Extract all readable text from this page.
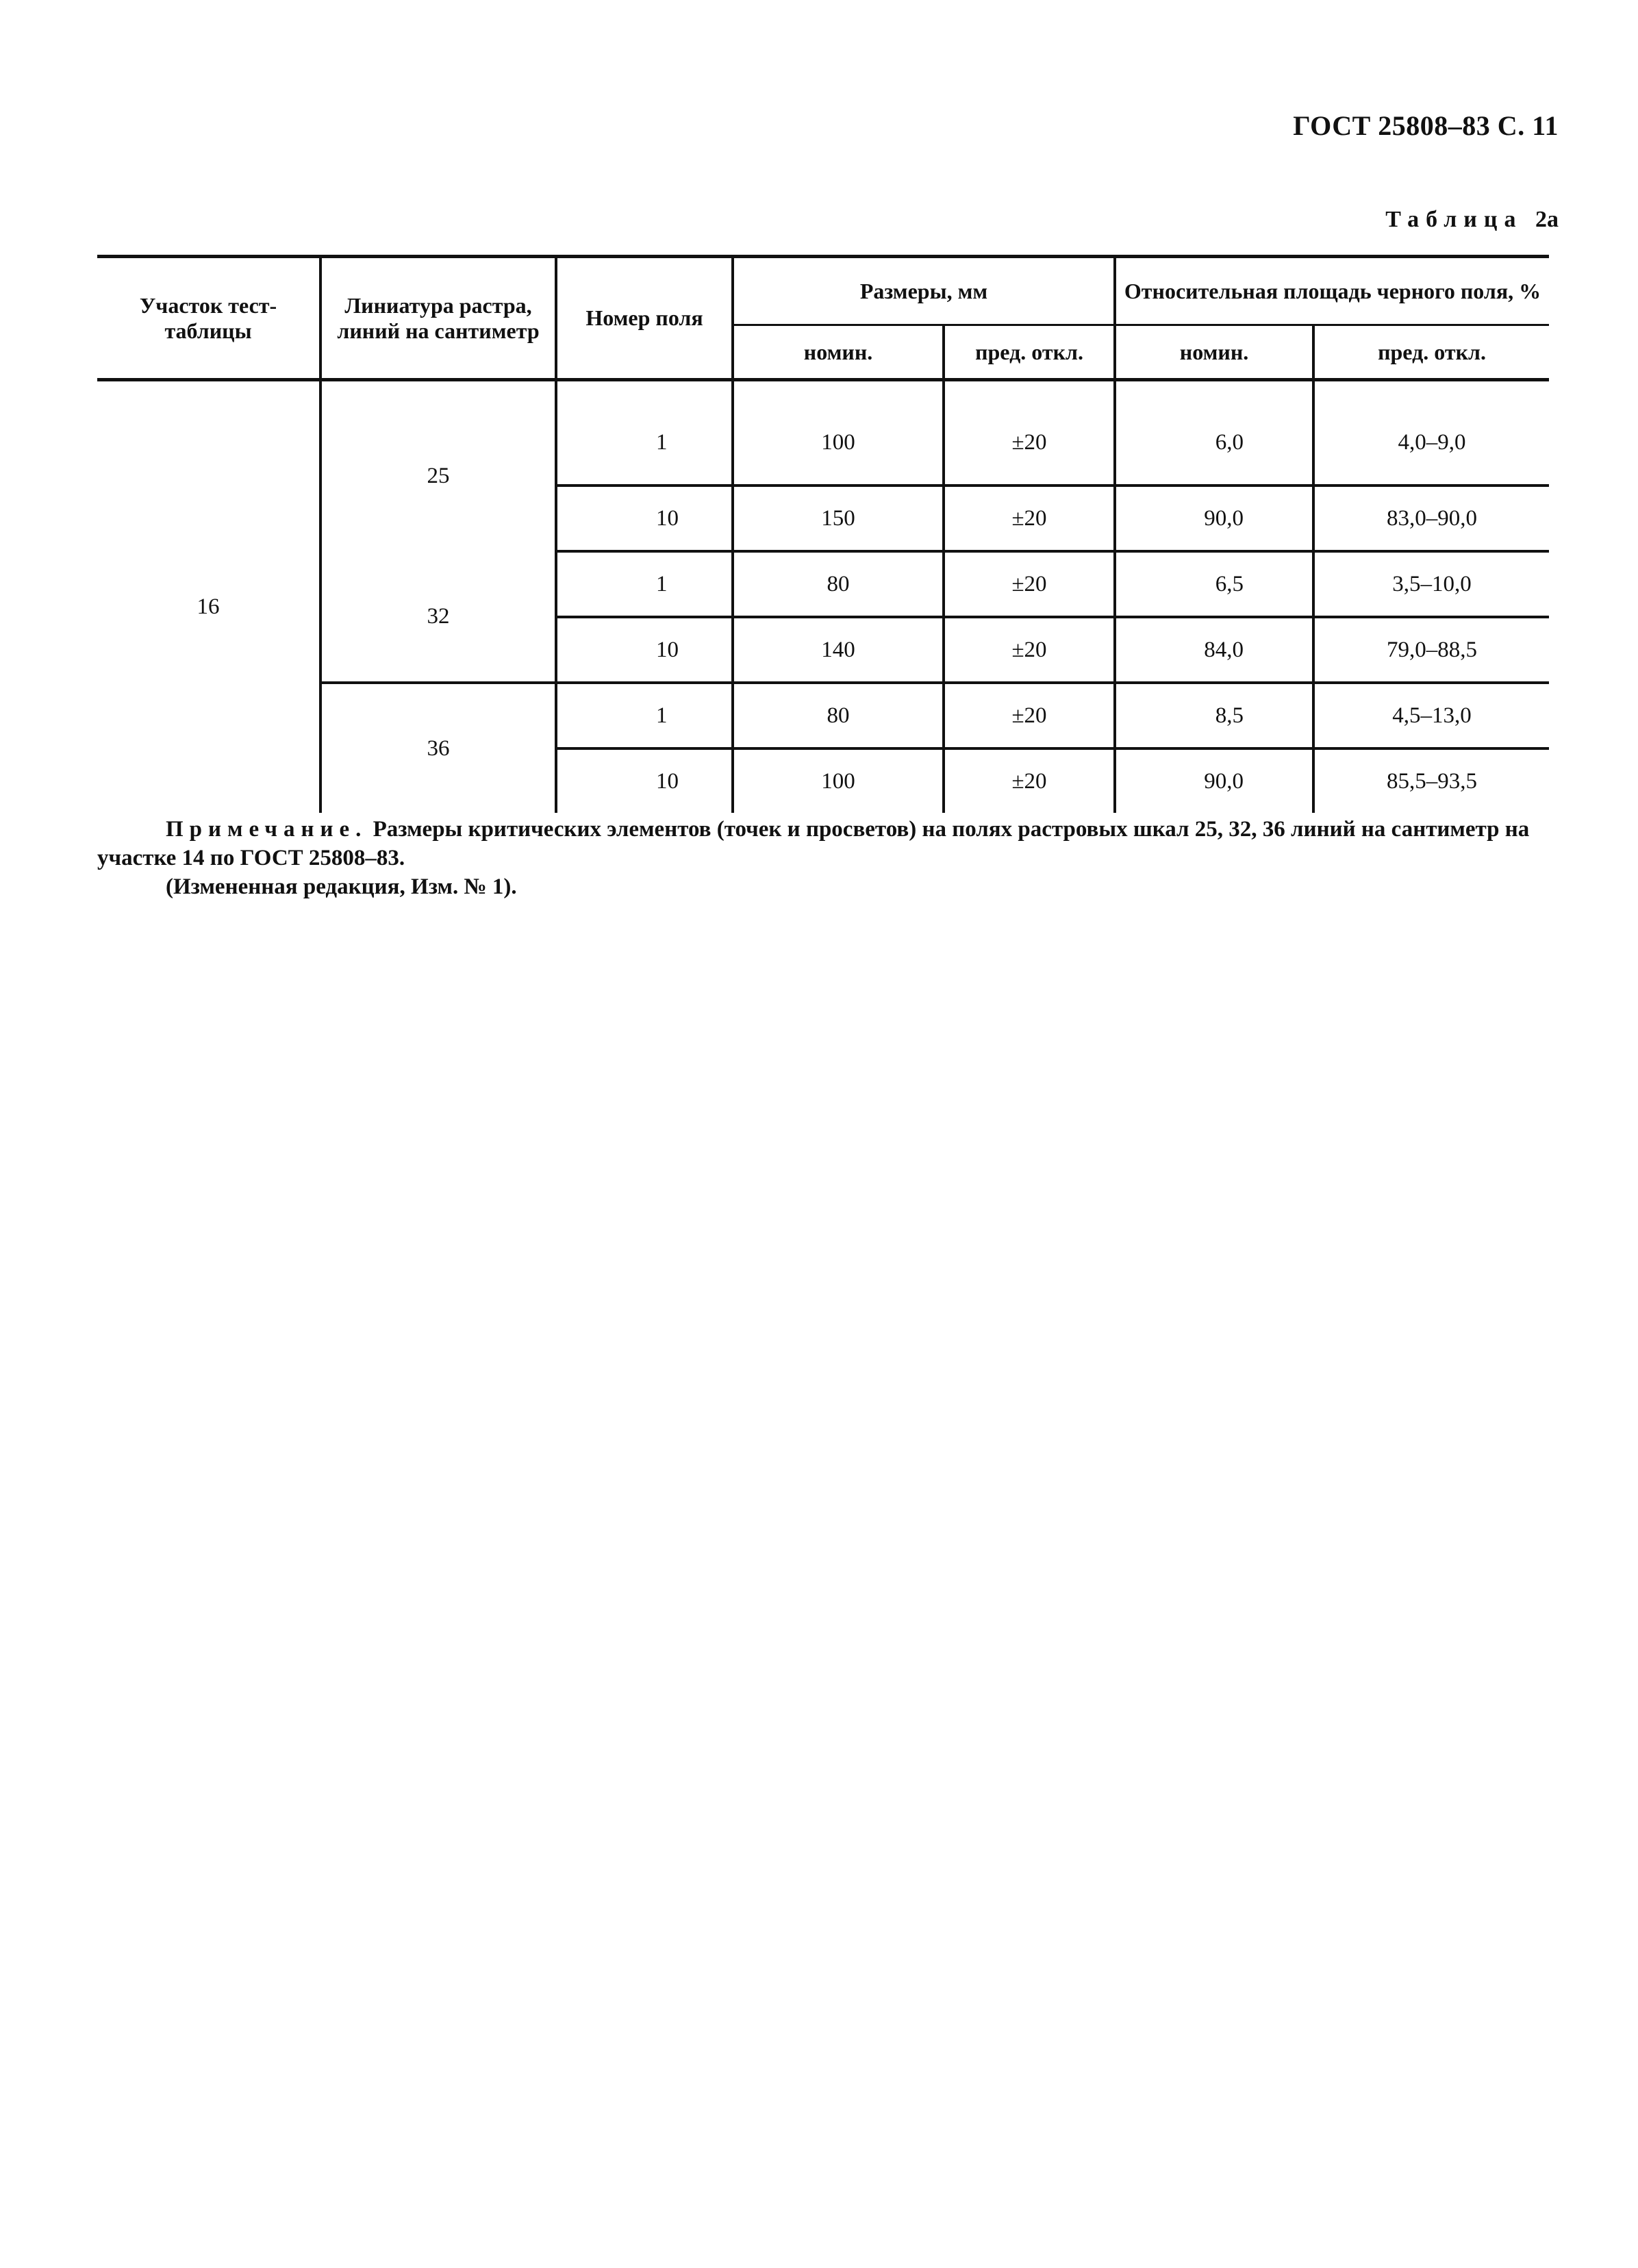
ГОСТ 25808–83 С. 11
Таблица 2а
Участок тест-таблицы	Линиатура растра, линий на сантиметр	Номер поля	Размеры, мм		Относительная площадь черного поля, %	
			номин.	пред. откл.	номин.	пред. откл.
16	25	1	100	±20	6,0	4,0–9,0
		10	150	±20	90,0	83,0–90,0
	32	1	80	±20	6,5	3,5–10,0
		10	140	±20	84,0	79,0–88,5
	36	1	80	±20	8,5	4,5–13,0
		10	100	±20	90,0	85,5–93,5
Примечание. Размеры критических элементов (точек и просветов) на полях растровых шкал 25, 32, 36 линий на сантиметр на участке 14 по ГОСТ 25808–83.
(Измененная редакция, Изм. № 1).
